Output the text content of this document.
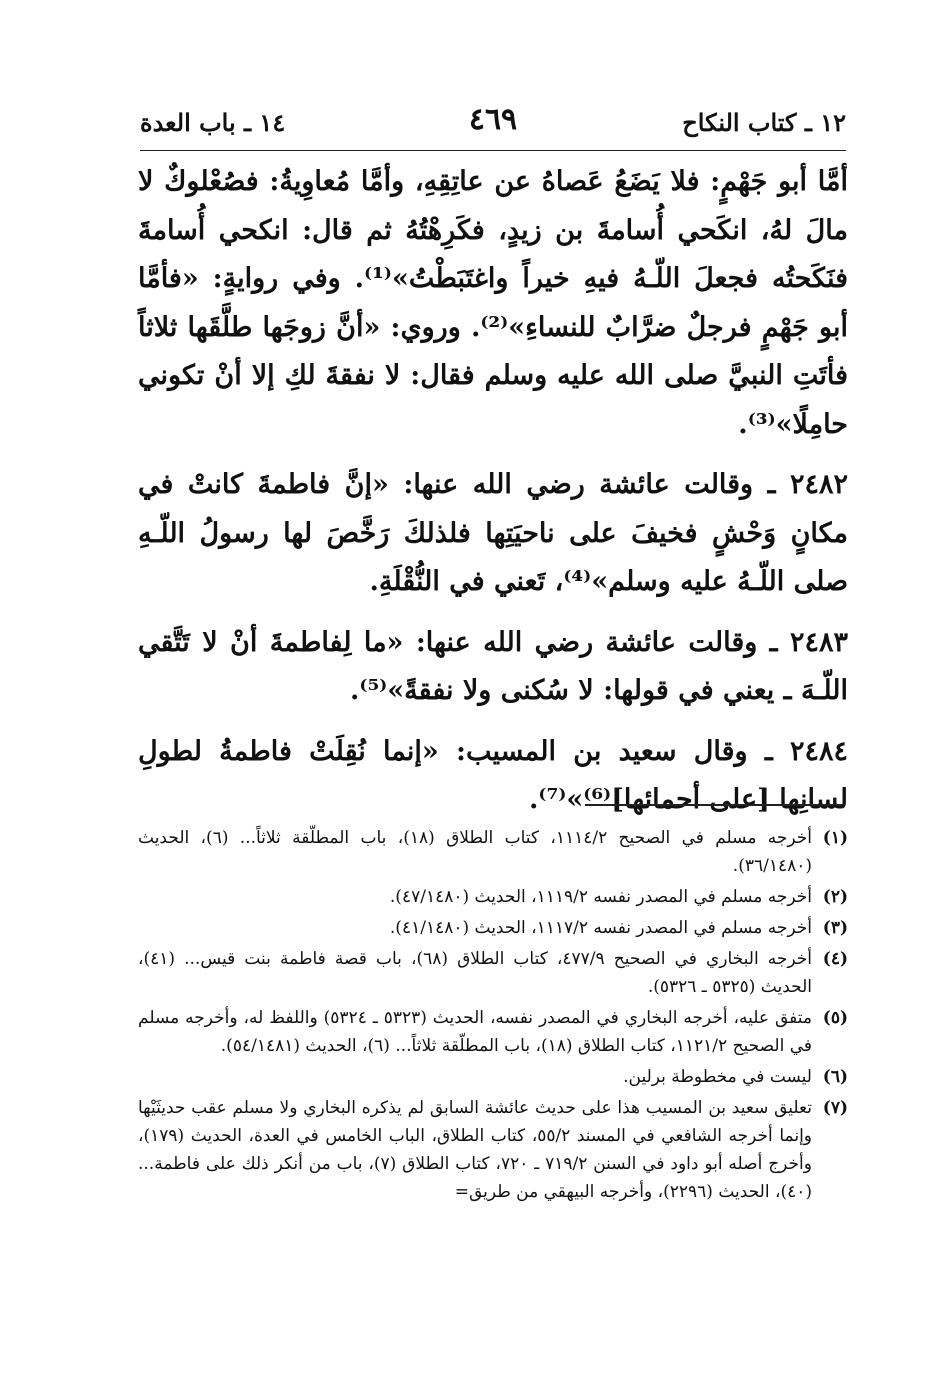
١٢ ـ كتاب النكاح
٤٦٩
١٤ ـ باب العدة

أمَّا أبو جَهْمٍ: فلا يَضَعُ عَصاهُ عن عاتِقِهِ، وأمَّا مُعاوِيةُ: فصُعْلوكٌ لا مالَ لهُ، انكَحي أُسامةَ بن زيدٍ، فكَرِهْتُهُ ثم قال: انكحي أُسامةَ فنَكَحتُه فجعلَ اللّـهُ فيهِ خيراً واغتَبَطْتُ»⁽¹⁾. وفي روايةٍ: «فأمَّا أبو جَهْمٍ فرجلٌ ضرَّابٌ للنساءِ»⁽²⁾. وروي: «أنَّ زوجَها طلَّقَها ثلاثاً فأتَتِ النبيَّ صلى الله عليه وسلم فقال: لا نفقةَ لكِ إلا أنْ تكوني حامِلًا»⁽³⁾.

٢٤٨٢ ـ وقالت عائشة رضي الله عنها: «إنَّ فاطمةَ كانتْ في مكانٍ وَحْشٍ فخيفَ على ناحيَتِها فلذلكَ رَخَّصَ لها رسولُ اللّـهِ صلى اللّـهُ عليه وسلم»⁽⁴⁾، تَعني في النُّقْلَةِ.

٢٤٨٣ ـ وقالت عائشة رضي الله عنها: «ما لِفاطمةَ أنْ لا تَتَّقي اللّـهَ ـ يعني في قولها: لا سُكنى ولا نفقةً»⁽⁵⁾.

٢٤٨٤ ـ وقال سعيد بن المسيب: «إنما نُقِلَتْ فاطمةُ لطولِ لسانِها [على أحمائها]⁽⁶⁾»⁽⁷⁾.

(١)
أخرجه مسلم في الصحيح ١١١٤/٢، كتاب الطلاق (١٨)، باب المطلّقة ثلاثاً... (٦)، الحديث (٣٦/١٤٨٠).
(٢)
أخرجه مسلم في المصدر نفسه ١١١٩/٢، الحديث (٤٧/١٤٨٠).
(٣)
أخرجه مسلم في المصدر نفسه ١١١٧/٢، الحديث (٤١/١٤٨٠).
(٤)
أخرجه البخاري في الصحيح ٤٧٧/٩، كتاب الطلاق (٦٨)، باب قصة فاطمة بنت قيس... (٤١)، الحديث (٥٣٢٥ ـ ٥٣٢٦).
(٥)
متفق عليه، أخرجه البخاري في المصدر نفسه، الحديث (٥٣٢٣ ـ ٥٣٢٤) واللفظ له، وأخرجه مسلم في الصحيح ١١٢١/٢، كتاب الطلاق (١٨)، باب المطلّقة ثلاثاً... (٦)، الحديث (٥٤/١٤٨١).
(٦)
ليست في مخطوطة برلين.
(٧)
تعليق سعيد بن المسيب هذا على حديث عائشة السابق لم يذكره البخاري ولا مسلم عقب حديثَيْها وإنما أخرجه الشافعي في المسند ٥٥/٢، كتاب الطلاق، الباب الخامس في العدة، الحديث (١٧٩)، وأخرج أصله أبو داود في السنن ٧١٩/٢ ـ ٧٢٠، كتاب الطلاق (٧)، باب من أنكر ذلك على فاطمة... (٤٠)، الحديث (٢٢٩٦)، وأخرجه البيهقي من طريق=
